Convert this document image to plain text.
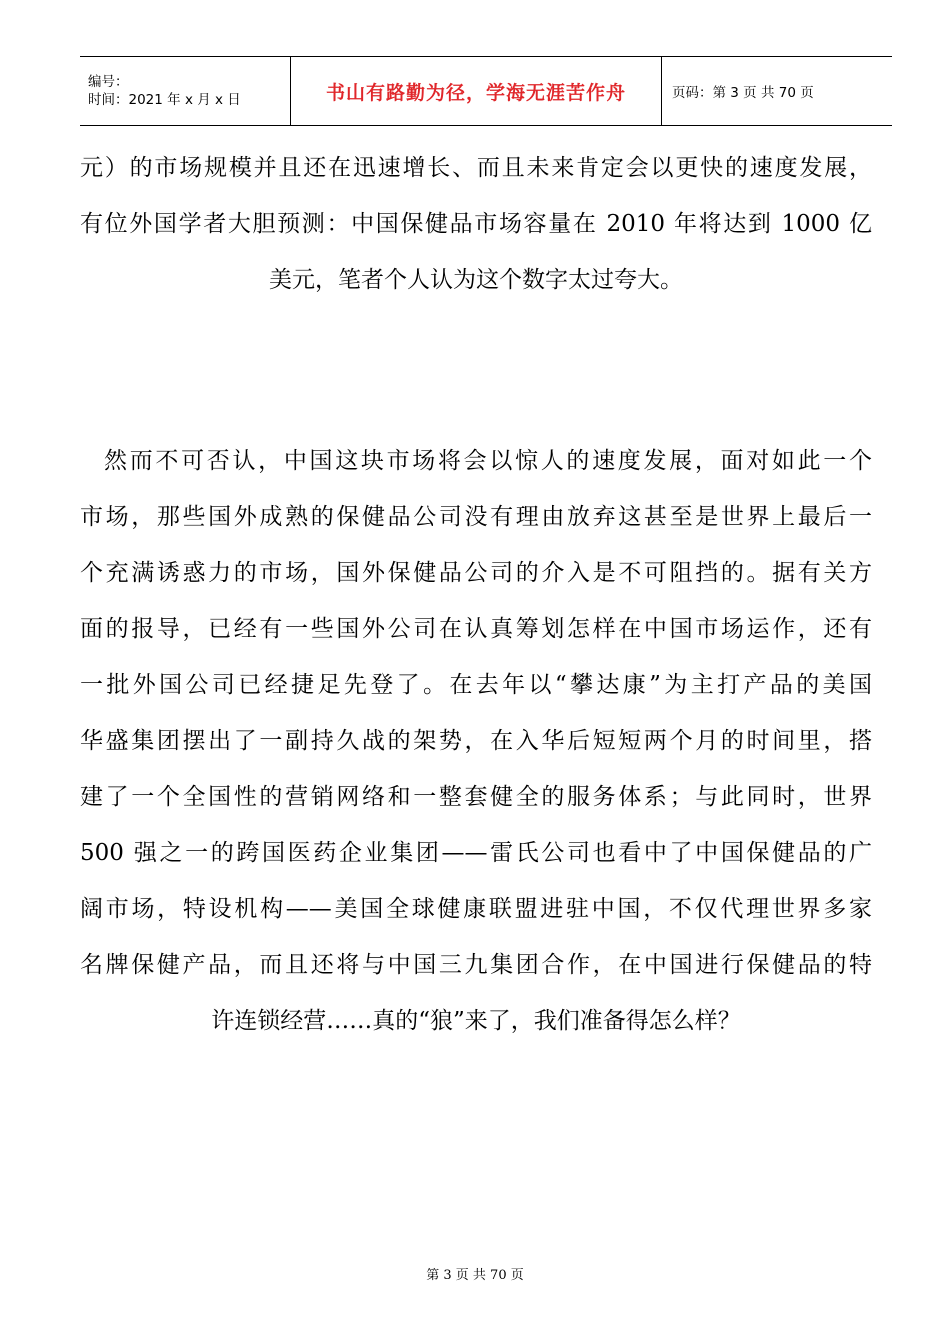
编号：
时间：2021 年 x 月 x 日	书山有路勤为径，学海无涯苦作舟	页码：第 3 页 共 70 页
元）的市场规模并且还在迅速增长、而且未来肯定会以更快的速度发展，
有位外国学者大胆预测：中国保健品市场容量在 2010 年将达到 1000 亿
美元，笔者个人认为这个数字太过夸大。
然而不可否认，中国这块市场将会以惊人的速度发展，面对如此一个
市场，那些国外成熟的保健品公司没有理由放弃这甚至是世界上最后一
个充满诱惑力的市场，国外保健品公司的介入是不可阻挡的。据有关方
面的报导，已经有一些国外公司在认真筹划怎样在中国市场运作，还有
一批外国公司已经捷足先登了。在去年以“攀达康”为主打产品的美国
华盛集团摆出了一副持久战的架势，在入华后短短两个月的时间里，搭
建了一个全国性的营销网络和一整套健全的服务体系；与此同时，世界
500 强之一的跨国医药企业集团——雷氏公司也看中了中国保健品的广
阔市场，特设机构——美国全球健康联盟进驻中国，不仅代理世界多家
名牌保健产品，而且还将与中国三九集团合作，在中国进行保健品的特
许连锁经营……真的“狼”来了，我们准备得怎么样？
第 3 页 共 70 页
